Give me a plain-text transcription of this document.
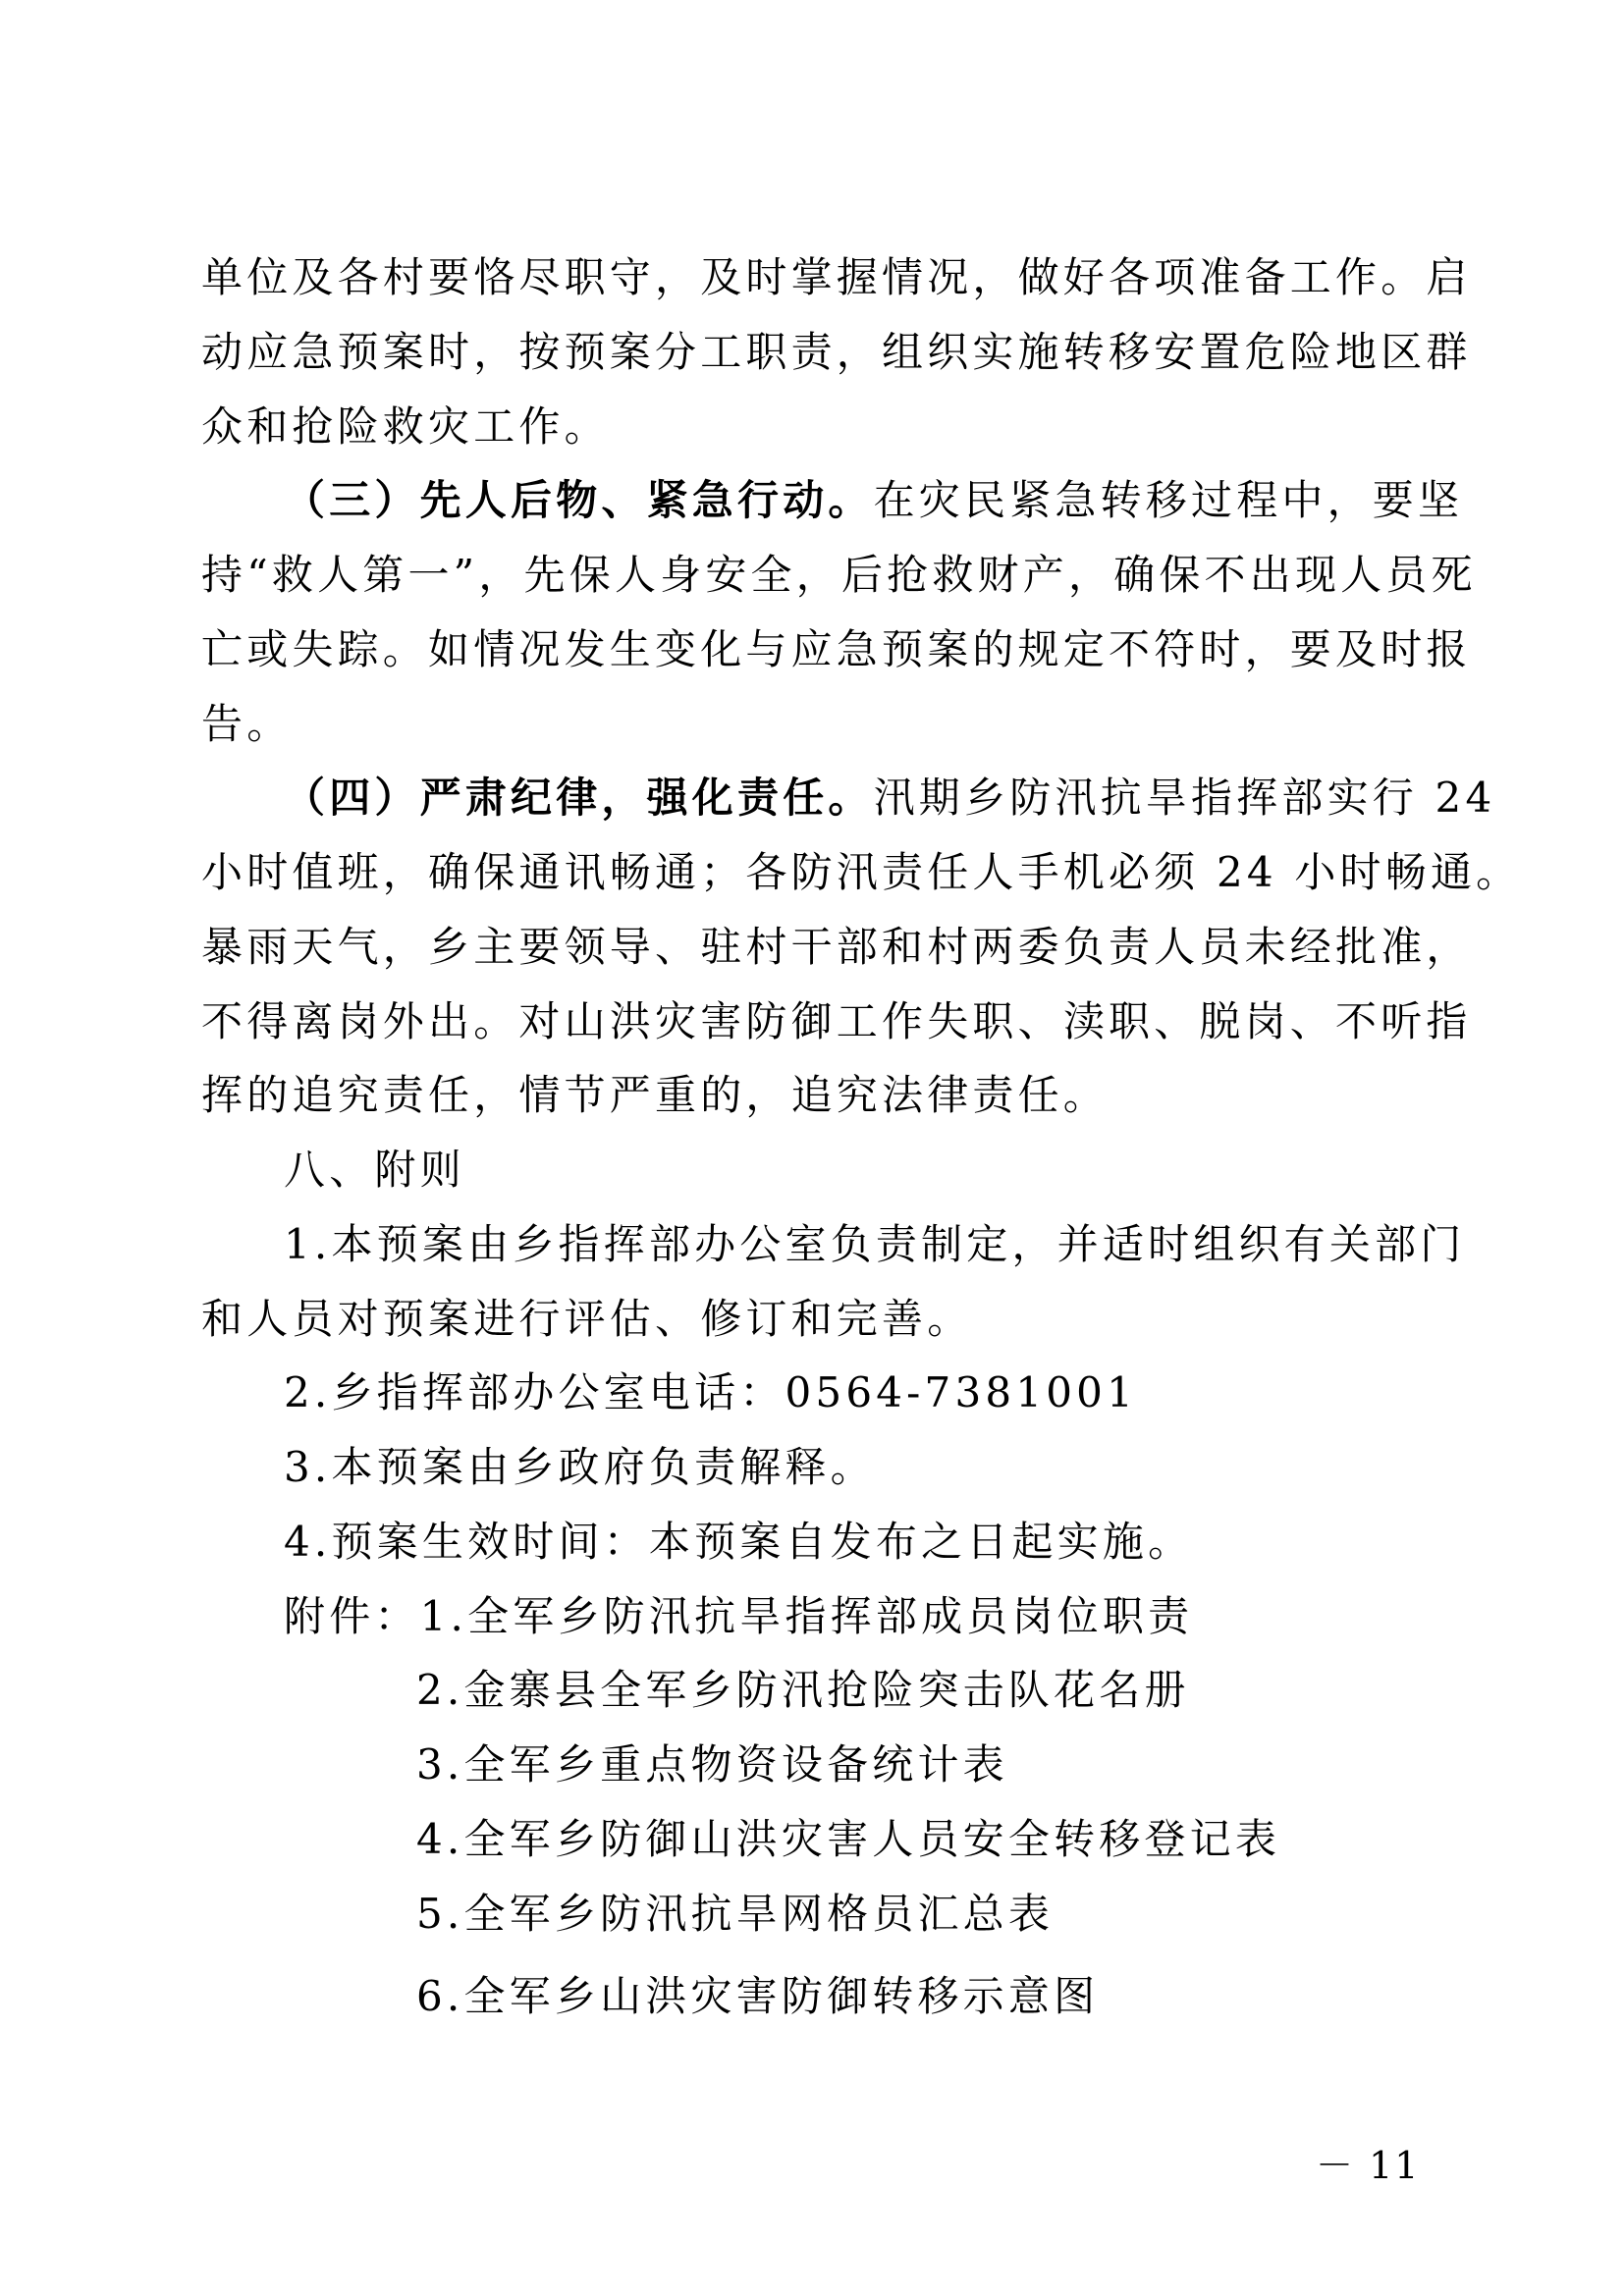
单位及各村要恪尽职守，及时掌握情况，做好各项准备工作。启
动应急预案时，按预案分工职责，组织实施转移安置危险地区群
众和抢险救灾工作。
（三）先人后物、紧急行动。在灾民紧急转移过程中，要坚
持“救人第一”，先保人身安全，后抢救财产，确保不出现人员死
亡或失踪。如情况发生变化与应急预案的规定不符时，要及时报
告。
（四）严肃纪律，强化责任。汛期乡防汛抗旱指挥部实行 24
小时值班，确保通讯畅通；各防汛责任人手机必须 24 小时畅通。
暴雨天气，乡主要领导、驻村干部和村两委负责人员未经批准，
不得离岗外出。对山洪灾害防御工作失职、渎职、脱岗、不听指
挥的追究责任，情节严重的，追究法律责任。
八、附则
1.本预案由乡指挥部办公室负责制定，并适时组织有关部门
和人员对预案进行评估、修订和完善。
2.乡指挥部办公室电话：0564-7381001
3.本预案由乡政府负责解释。
4.预案生效时间：本预案自发布之日起实施。
附件：1.全军乡防汛抗旱指挥部成员岗位职责
2.金寨县全军乡防汛抢险突击队花名册
3.全军乡重点物资设备统计表
4.全军乡防御山洪灾害人员安全转移登记表
5.全军乡防汛抗旱网格员汇总表
6.全军乡山洪灾害防御转移示意图
－ 11
